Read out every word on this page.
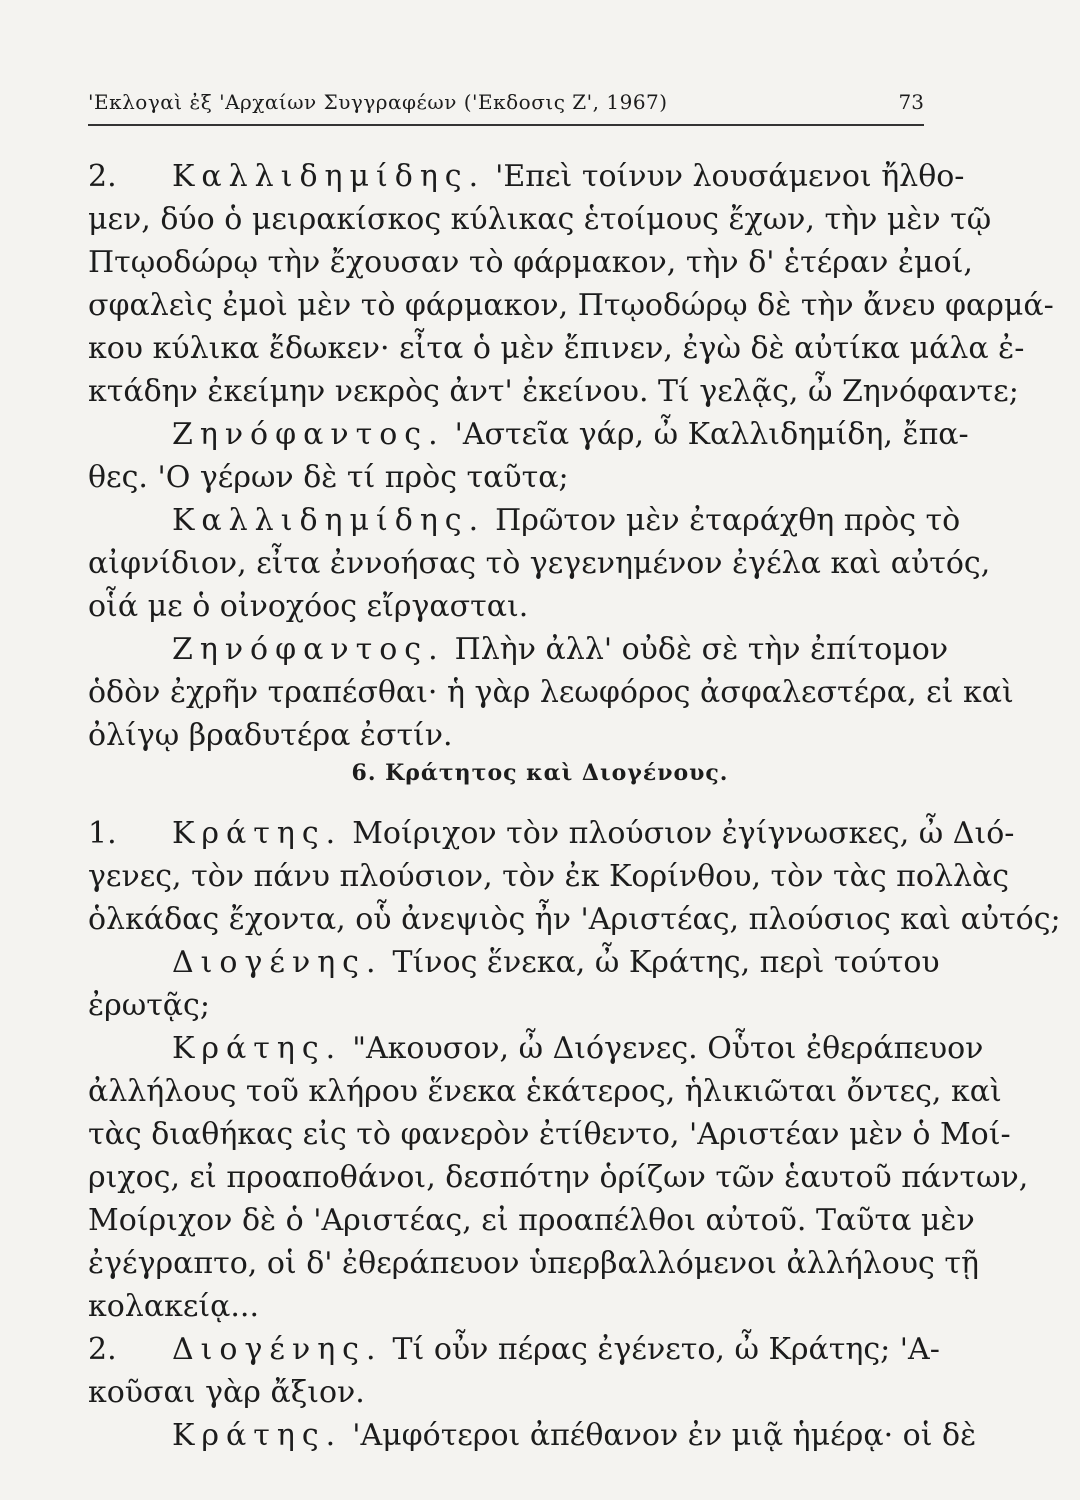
'Εκλογαὶ ἐξ 'Αρχαίων Συγγραφέων ('Εκδοσις Ζ', 1967)	73
2. Καλλιδημίδης. 'Επεὶ τοίνυν λουσάμενοι ἤλθο-
μεν, δύο ὁ μειρακίσκος κύλικας ἑτοίμους ἔχων, τὴν μὲν τῷ
Πτῳοδώρῳ τὴν ἔχουσαν τὸ φάρμακον, τὴν δ' ἑτέραν ἐμοί,
σφαλεὶς ἐμοὶ μὲν τὸ φάρμακον, Πτῳοδώρῳ δὲ τὴν ἄνευ φαρμά-
κου κύλικα ἔδωκεν· εἶτα ὁ μὲν ἔπινεν, ἐγὼ δὲ αὐτίκα μάλα ἐ-
κτάδην ἐκείμην νεκρὸς ἀντ' ἐκείνου. Τί γελᾷς, ὦ Ζηνόφαντε;
Ζηνόφαντος. 'Αστεῖα γάρ, ὦ Καλλιδημίδη, ἔπα-
θες. 'Ο γέρων δὲ τί πρὸς ταῦτα;
Καλλιδημίδης. Πρῶτον μὲν ἐταράχθη πρὸς τὸ
αἰφνίδιον, εἶτα ἐννοήσας τὸ γεγενημένον ἐγέλα καὶ αὐτός,
οἷά με ὁ οἰνοχόος εἴργασται.
Ζηνόφαντος. Πλὴν ἀλλ' οὐδὲ σὲ τὴν ἐπίτομον
ὁδὸν ἐχρῆν τραπέσθαι· ἡ γὰρ λεωφόρος ἀσφαλεστέρα, εἰ καὶ
ὀλίγῳ βραδυτέρα ἐστίν.
6. Κράτητος καὶ Διογένους.
1. Κράτης. Μοίριχον τὸν πλούσιον ἐγίγνωσκες, ὦ Διό-
γενες, τὸν πάνυ πλούσιον, τὸν ἐκ Κορίνθου, τὸν τὰς πολλὰς
ὁλκάδας ἔχοντα, οὗ ἀνεψιὸς ἦν 'Αριστέας, πλούσιος καὶ αὐτός;
Διογένης. Τίνος ἕνεκα, ὦ Κράτης, περὶ τούτου
ἐρωτᾷς;
Κράτης. "Ακουσον, ὦ Διόγενες. Οὗτοι ἐθεράπευον
ἀλλήλους τοῦ κλήρου ἕνεκα ἑκάτερος, ἡλικιῶται ὄντες, καὶ
τὰς διαθήκας εἰς τὸ φανερὸν ἐτίθεντο, 'Αριστέαν μὲν ὁ Μοί-
ριχος, εἰ προαποθάνοι, δεσπότην ὁρίζων τῶν ἑαυτοῦ πάντων,
Μοίριχον δὲ ὁ 'Αριστέας, εἰ προαπέλθοι αὐτοῦ. Ταῦτα μὲν
ἐγέγραπτο, οἱ δ' ἐθεράπευον ὑπερβαλλόμενοι ἀλλήλους τῇ
κολακείᾳ...
2. Διογένης. Τί οὖν πέρας ἐγένετο, ὦ Κράτης; 'Α-
κοῦσαι γὰρ ἄξιον.
Κράτης. 'Αμφότεροι ἀπέθανον ἐν μιᾷ ἡμέρᾳ· οἱ δὲ
